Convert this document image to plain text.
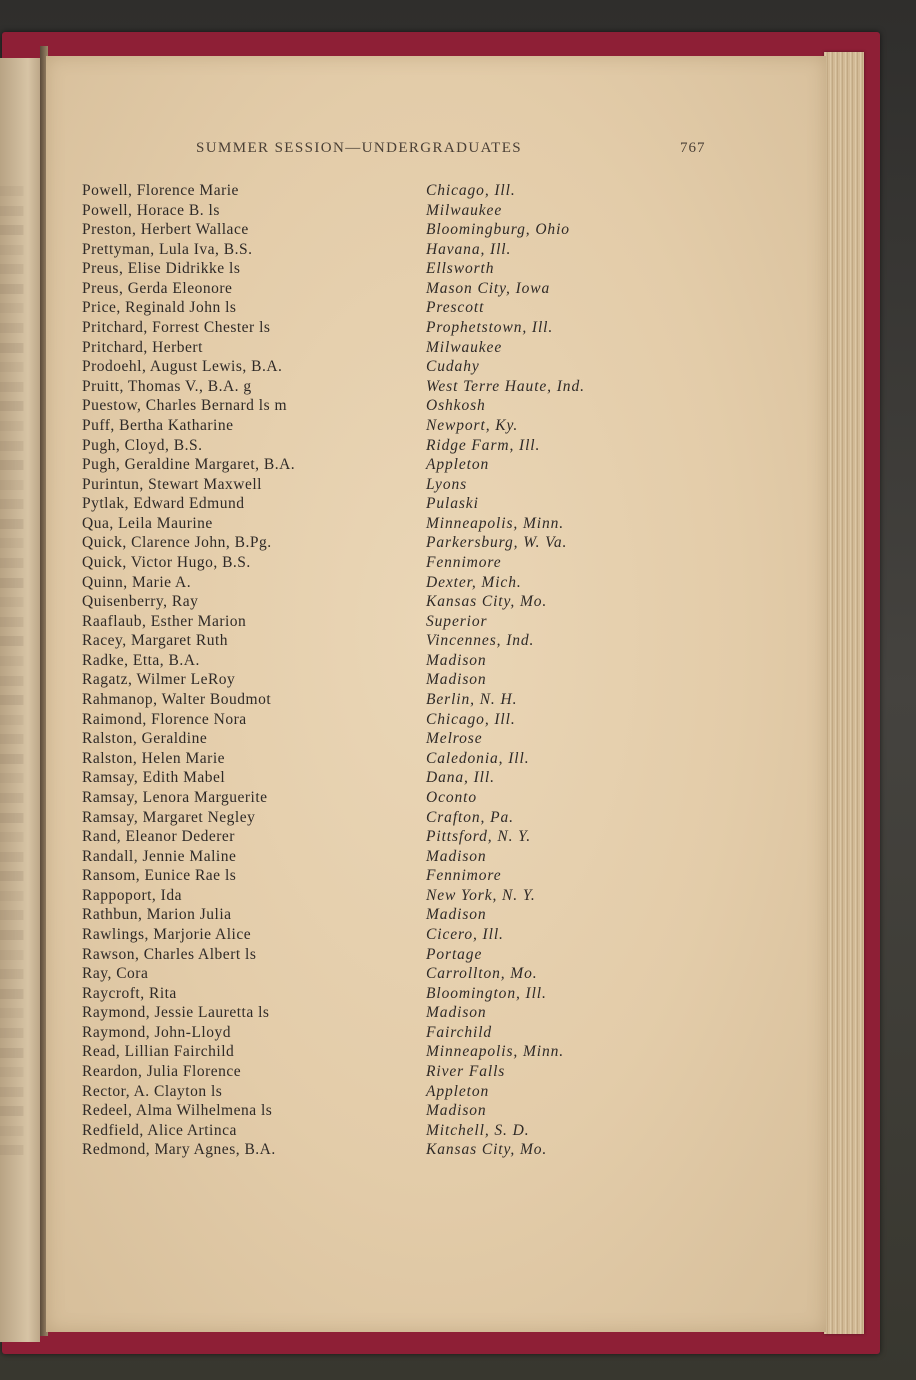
███
███
███
███
███
███
███
███
███
███
███
███
███
███
███
███
███
███
███
███
███
███
███
███
███
███
███
███
███
███
███
███
███
███
███
███
███
███
███
███
███
███
███
███
███
███
███
███
███
███
SUMMER SESSION—UNDERGRADUATES	767
Powell, Florence Marie	Chicago, Ill.
Powell, Horace B. ls	Milwaukee
Preston, Herbert Wallace	Bloomingburg, Ohio
Prettyman, Lula Iva, B.S.	Havana, Ill.
Preus, Elise Didrikke ls	Ellsworth
Preus, Gerda Eleonore	Mason City, Iowa
Price, Reginald John ls	Prescott
Pritchard, Forrest Chester ls	Prophetstown, Ill.
Pritchard, Herbert	Milwaukee
Prodoehl, August Lewis, B.A.	Cudahy
Pruitt, Thomas V., B.A. g	West Terre Haute, Ind.
Puestow, Charles Bernard ls m	Oshkosh
Puff, Bertha Katharine	Newport, Ky.
Pugh, Cloyd, B.S.	Ridge Farm, Ill.
Pugh, Geraldine Margaret, B.A.	Appleton
Purintun, Stewart Maxwell	Lyons
Pytlak, Edward Edmund	Pulaski
Qua, Leila Maurine	Minneapolis, Minn.
Quick, Clarence John, B.Pg.	Parkersburg, W. Va.
Quick, Victor Hugo, B.S.	Fennimore
Quinn, Marie A.	Dexter, Mich.
Quisenberry, Ray	Kansas City, Mo.
Raaflaub, Esther Marion	Superior
Racey, Margaret Ruth	Vincennes, Ind.
Radke, Etta, B.A.	Madison
Ragatz, Wilmer LeRoy	Madison
Rahmanop, Walter Boudmot	Berlin, N. H.
Raimond, Florence Nora	Chicago, Ill.
Ralston, Geraldine	Melrose
Ralston, Helen Marie	Caledonia, Ill.
Ramsay, Edith Mabel	Dana, Ill.
Ramsay, Lenora Marguerite	Oconto
Ramsay, Margaret Negley	Crafton, Pa.
Rand, Eleanor Dederer	Pittsford, N. Y.
Randall, Jennie Maline	Madison
Ransom, Eunice Rae ls	Fennimore
Rappoport, Ida	New York, N. Y.
Rathbun, Marion Julia	Madison
Rawlings, Marjorie Alice	Cicero, Ill.
Rawson, Charles Albert ls	Portage
Ray, Cora	Carrollton, Mo.
Raycroft, Rita	Bloomington, Ill.
Raymond, Jessie Lauretta ls	Madison
Raymond, John-Lloyd	Fairchild
Read, Lillian Fairchild	Minneapolis, Minn.
Reardon, Julia Florence	River Falls
Rector, A. Clayton ls	Appleton
Redeel, Alma Wilhelmena ls	Madison
Redfield, Alice Artinca	Mitchell, S. D.
Redmond, Mary Agnes, B.A.	Kansas City, Mo.
